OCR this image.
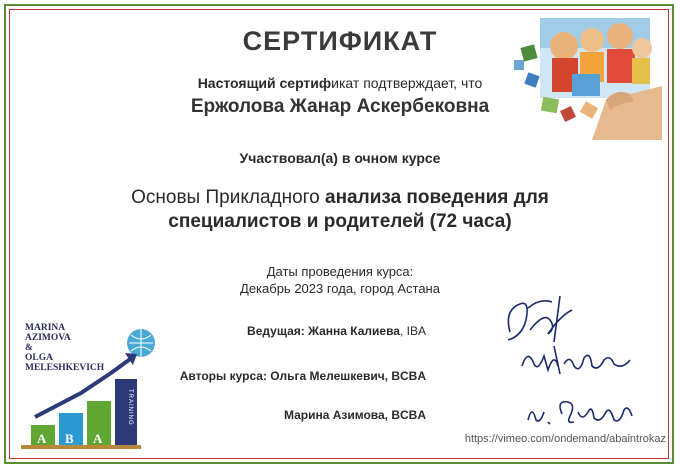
СЕРТИФИКАТ
Настоящий сертификат подтверждает, что
Ержолова Жанар Аскербековна
Участвовал(а) в очном курсе
Основы Прикладного анализа поведения для
специалистов и родителей (72 часа)
Даты проведения курса:
Декабрь 2023 года, город Астана
Ведущая: Жанна Калиева, IBA
Авторы курса: Ольга Мелешкевич, BCBA
Марина Азимова, BCBA
https://vimeo.com/ondemand/abaintrokaz
MARINA
AZIMOVA
&
OLGA
MELESHKEVICH
A B A
TRAINING
